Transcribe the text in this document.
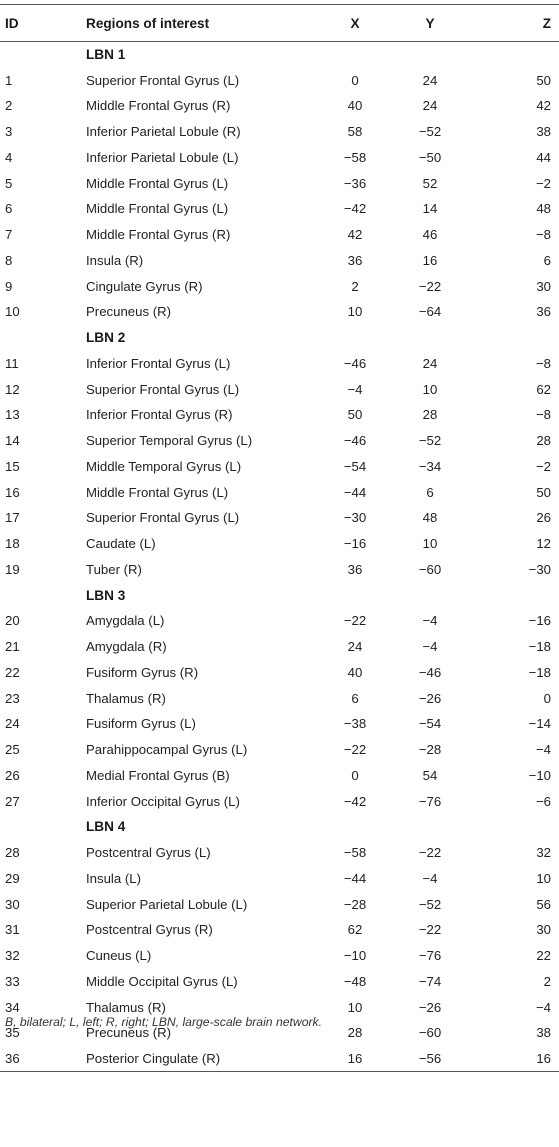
ID	Regions of interest	X	Y	Z
	LBN 1			
1	Superior Frontal Gyrus (L)	0	24	50
2	Middle Frontal Gyrus (R)	40	24	42
3	Inferior Parietal Lobule (R)	58	−52	38
4	Inferior Parietal Lobule (L)	−58	−50	44
5	Middle Frontal Gyrus (L)	−36	52	−2
6	Middle Frontal Gyrus (L)	−42	14	48
7	Middle Frontal Gyrus (R)	42	46	−8
8	Insula (R)	36	16	6
9	Cingulate Gyrus (R)	2	−22	30
10	Precuneus (R)	10	−64	36
	LBN 2			
11	Inferior Frontal Gyrus (L)	−46	24	−8
12	Superior Frontal Gyrus (L)	−4	10	62
13	Inferior Frontal Gyrus (R)	50	28	−8
14	Superior Temporal Gyrus (L)	−46	−52	28
15	Middle Temporal Gyrus (L)	−54	−34	−2
16	Middle Frontal Gyrus (L)	−44	6	50
17	Superior Frontal Gyrus (L)	−30	48	26
18	Caudate (L)	−16	10	12
19	Tuber (R)	36	−60	−30
	LBN 3			
20	Amygdala (L)	−22	−4	−16
21	Amygdala (R)	24	−4	−18
22	Fusiform Gyrus (R)	40	−46	−18
23	Thalamus (R)	6	−26	0
24	Fusiform Gyrus (L)	−38	−54	−14
25	Parahippocampal Gyrus (L)	−22	−28	−4
26	Medial Frontal Gyrus (B)	0	54	−10
27	Inferior Occipital Gyrus (L)	−42	−76	−6
	LBN 4			
28	Postcentral Gyrus (L)	−58	−22	32
29	Insula (L)	−44	−4	10
30	Superior Parietal Lobule (L)	−28	−52	56
31	Postcentral Gyrus (R)	62	−22	30
32	Cuneus (L)	−10	−76	22
33	Middle Occipital Gyrus (L)	−48	−74	2
34	Thalamus (R)	10	−26	−4
35	Precuneus (R)	28	−60	38
36	Posterior Cingulate (R)	16	−56	16
B, bilateral; L, left; R, right; LBN, large-scale brain network.
